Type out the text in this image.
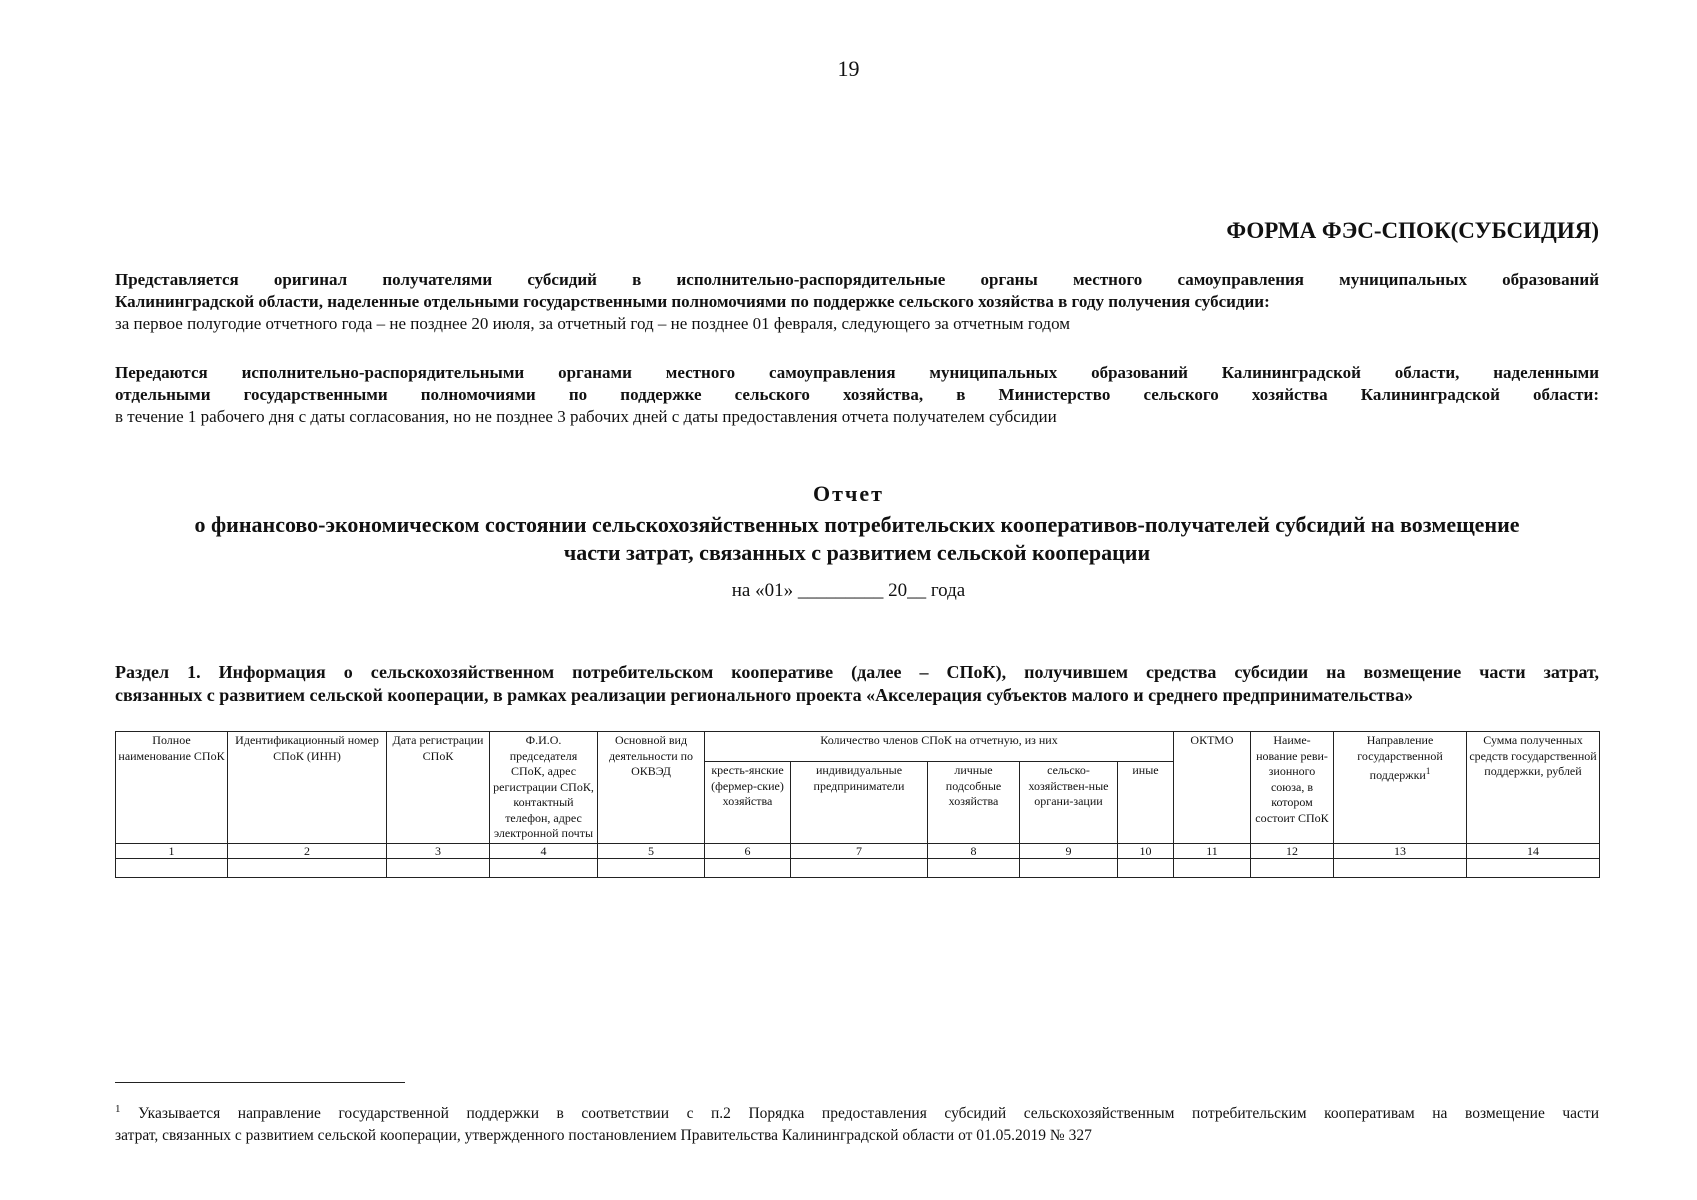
19
ФОРМА ФЭС-СПОК(СУБСИДИЯ)
Представляется оригинал получателями субсидий в исполнительно-распорядительные органы местного самоуправления муниципальных образований
Калининградской области, наделенные отдельными государственными полномочиями по поддержке сельского хозяйства в году получения субсидии:
за первое полугодие отчетного года – не позднее 20 июля, за отчетный год – не позднее 01 февраля, следующего за отчетным годом
Передаются исполнительно-распорядительными органами местного самоуправления муниципальных образований Калининградской области, наделенными
отдельными государственными полномочиями по поддержке сельского хозяйства, в Министерство сельского хозяйства Калининградской области:
в течение 1 рабочего дня с даты согласования, но не позднее 3 рабочих дней с даты предоставления отчета получателем субсидии
Отчет
о финансово-экономическом состоянии сельскохозяйственных потребительских кооперативов-получателей субсидий на возмещение
части затрат, связанных с развитием сельской кооперации
на «01» _________ 20__ года
Раздел 1. Информация о сельскохозяйственном потребительском кооперативе (далее – СПоК), получившем средства субсидии на возмещение части затрат,
связанных с развитием сельской кооперации, в рамках реализации регионального проекта «Акселерация субъектов малого и среднего предпринимательства»
Полное наименование СПоК	Идентификационный номер СПоК (ИНН)	Дата регистрации СПоК	Ф.И.О. председателя СПоК, адрес регистрации СПоК, контактный телефон, адрес электронной почты	Основной вид деятельности по ОКВЭД	Количество членов СПоК на отчетную, из них					ОКТМО	Наиме-нование реви-зионного союза, в котором состоит СПоК	Направление государственной поддержки$^1$	Сумма полученных средств государственной поддержки, рублей
					кресть-янские (фермер-ские) хозяйства	индивидуальные предприниматели	личные подсобные хозяйства	сельско-хозяйствен-ные органи-зации	иные				
1	2	3	4	5	6	7	8	9	10	11	12	13	14

$^1$ Указывается направление государственной поддержки в соответствии с п.2 Порядка предоставления субсидий сельскохозяйственным потребительским кооперативам на возмещение части
затрат, связанных с развитием сельской кооперации, утвержденного постановлением Правительства Калининградской области от 01.05.2019 № 327
